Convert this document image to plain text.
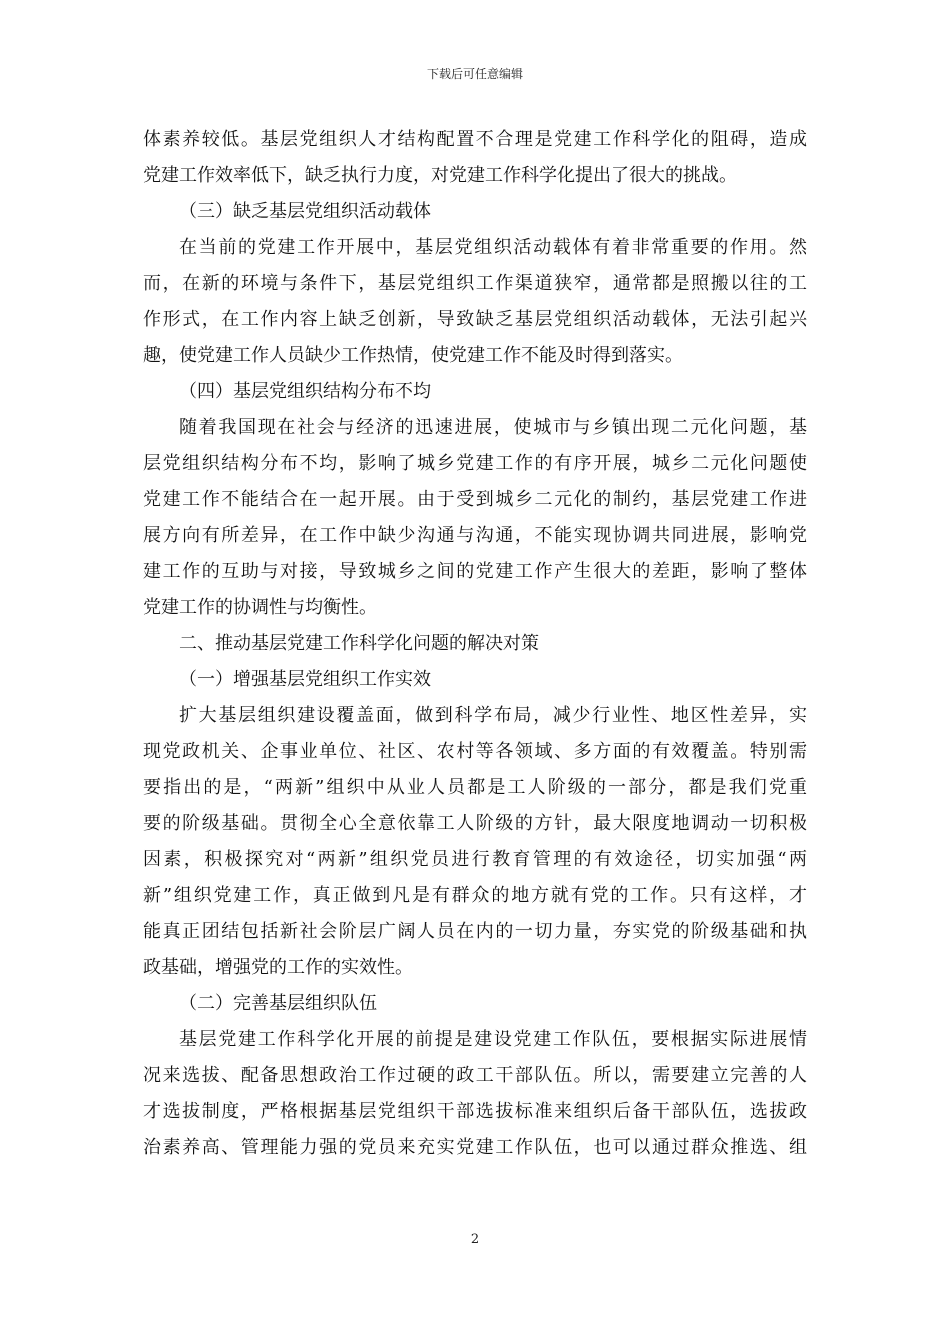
下载后可任意编辑
体素养较低。基层党组织人才结构配置不合理是党建工作科学化的阻碍，造成
党建工作效率低下，缺乏执行力度，对党建工作科学化提出了很大的挑战。
（三）缺乏基层党组织活动载体
在当前的党建工作开展中，基层党组织活动载体有着非常重要的作用。然
而，在新的环境与条件下，基层党组织工作渠道狭窄，通常都是照搬以往的工
作形式，在工作内容上缺乏创新，导致缺乏基层党组织活动载体，无法引起兴
趣，使党建工作人员缺少工作热情，使党建工作不能及时得到落实。
（四）基层党组织结构分布不均
随着我国现在社会与经济的迅速进展，使城市与乡镇出现二元化问题，基
层党组织结构分布不均，影响了城乡党建工作的有序开展，城乡二元化问题使
党建工作不能结合在一起开展。由于受到城乡二元化的制约，基层党建工作进
展方向有所差异，在工作中缺少沟通与沟通，不能实现协调共同进展，影响党
建工作的互助与对接，导致城乡之间的党建工作产生很大的差距，影响了整体
党建工作的协调性与均衡性。
二、推动基层党建工作科学化问题的解决对策
（一）增强基层党组织工作实效
扩大基层组织建设覆盖面，做到科学布局，减少行业性、地区性差异，实
现党政机关、企事业单位、社区、农村等各领域、多方面的有效覆盖。特别需
要指出的是，“两新”组织中从业人员都是工人阶级的一部分，都是我们党重
要的阶级基础。贯彻全心全意依靠工人阶级的方针，最大限度地调动一切积极
因素，积极探究对“两新”组织党员进行教育管理的有效途径，切实加强“两
新”组织党建工作，真正做到凡是有群众的地方就有党的工作。只有这样，才
能真正团结包括新社会阶层广阔人员在内的一切力量，夯实党的阶级基础和执
政基础，增强党的工作的实效性。
（二）完善基层组织队伍
基层党建工作科学化开展的前提是建设党建工作队伍，要根据实际进展情
况来选拔、配备思想政治工作过硬的政工干部队伍。所以，需要建立完善的人
才选拔制度，严格根据基层党组织干部选拔标准来组织后备干部队伍，选拔政
治素养高、管理能力强的党员来充实党建工作队伍，也可以通过群众推选、组
2
